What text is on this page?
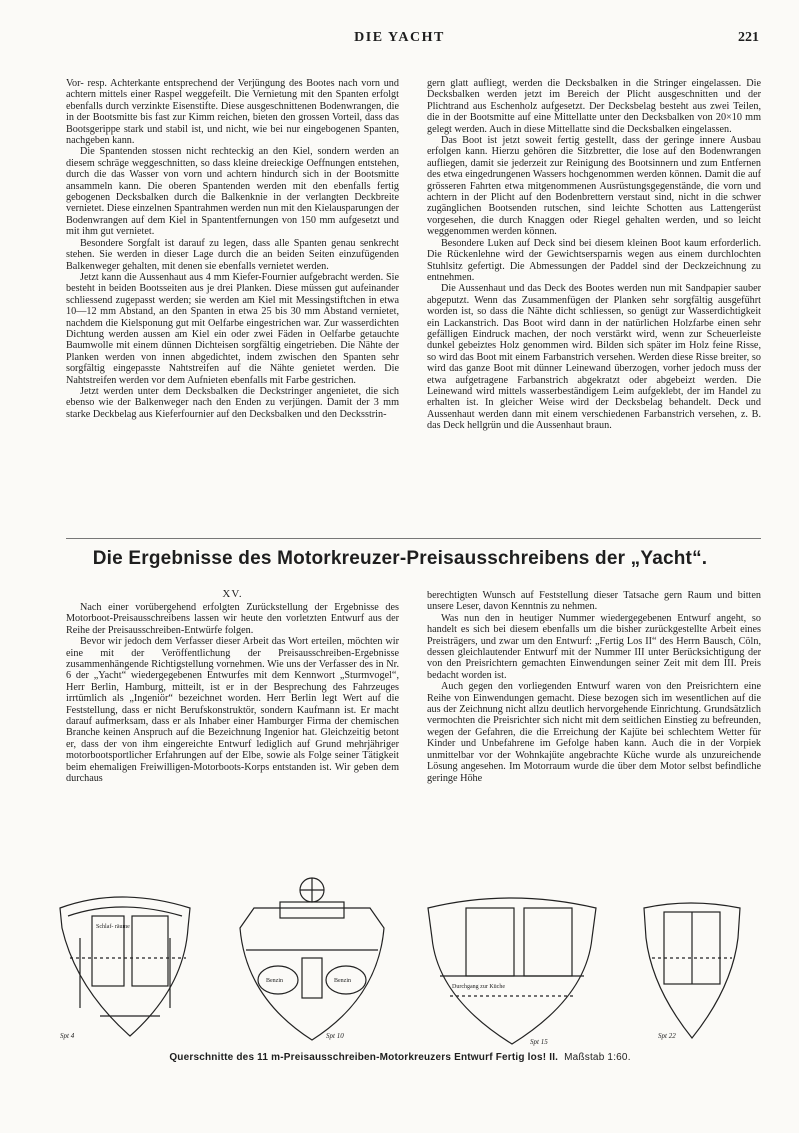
DIE YACHT	221

Vor- resp. Achterkante entsprechend der Verjüngung des Bootes nach vorn und achtern mittels einer Raspel weggefeilt. Die Vernietung mit den Spanten erfolgt ebenfalls durch verzinkte Eisenstifte. Diese ausgeschnittenen Bodenwrangen, die in der Bootsmitte bis fast zur Kimm reichen, bieten den grossen Vorteil, dass das Bootsgerippe stark und stabil ist, und nicht, wie bei nur eingebogenen Spanten, nachgeben kann.

Die Spantenden stossen nicht rechteckig an den Kiel, sondern werden an diesem schräge weggeschnitten, so dass kleine dreieckige Oeffnungen entstehen, durch die das Wasser von vorn und achtern hindurch sich in der Bootsmitte ansammeln kann. Die oberen Spantenden werden mit den ebenfalls fertig gebogenen Decksbalken durch die Balkenknie in der verlangten Deckbreite vernietet. Diese einzelnen Spantrahmen werden nun mit den Kielausparungen der Bodenwrangen auf dem Kiel in Spantentfernungen von 150 mm aufgesetzt und mit ihm gut vernietet.

Besondere Sorgfalt ist darauf zu legen, dass alle Spanten genau senkrecht stehen. Sie werden in dieser Lage durch die an beiden Seiten einzufügenden Balkenweger gehalten, mit denen sie ebenfalls vernietet werden.

Jetzt kann die Aussenhaut aus 4 mm Kiefer-Fournier aufgebracht werden. Sie besteht in beiden Bootsseiten aus je drei Planken. Diese müssen gut aufeinander schliessend zugepasst werden; sie werden am Kiel mit Messingstiftchen in etwa 10—12 mm Abstand, an den Spanten in etwa 25 bis 30 mm Abstand vernietet, nachdem die Kielsponung gut mit Oelfarbe eingestrichen war. Zur wasserdichten Dichtung werden aussen am Kiel ein oder zwei Fäden in Oelfarbe getauchte Baumwolle mit einem dünnen Dichteisen sorgfältig eingetrieben. Die Nähte der Planken werden von innen abgedichtet, indem zwischen den Spanten sehr sorgfältig eingepasste Nahtstreifen auf die Nähte genietet werden. Die Nahtstreifen werden vor dem Aufnieten ebenfalls mit Farbe gestrichen.

Jetzt werden unter dem Decksbalken die Deckstringer angenietet, die sich ebenso wie der Balkenweger nach den Enden zu verjüngen. Damit der 3 mm starke Deckbelag aus Kieferfournier auf den Decksbalken und den Decksstrin-

gern glatt aufliegt, werden die Decksbalken in die Stringer eingelassen. Die Decksbalken werden jetzt im Bereich der Plicht ausgeschnitten und der Plichtrand aus Eschenholz aufgesetzt. Der Decksbelag besteht aus zwei Teilen, die in der Bootsmitte auf eine Mittellatte unter den Decksbalken von 20×10 mm gelegt werden. Auch in diese Mittellatte sind die Decksbalken eingelassen.

Das Boot ist jetzt soweit fertig gestellt, dass der geringe innere Ausbau erfolgen kann. Hierzu gehören die Sitzbretter, die lose auf den Bodenwrangen aufliegen, damit sie jederzeit zur Reinigung des Bootsinnern und zum Entfernen des etwa eingedrungenen Wassers hochgenommen werden können. Damit die auf grösseren Fahrten etwa mitgenommenen Ausrüstungsgegenstände, die vorn und achtern in der Plicht auf den Bodenbrettern verstaut sind, nicht in die schwer zugänglichen Bootsenden rutschen, sind leichte Schotten aus Lattengerüst vorgesehen, die durch Knaggen oder Riegel gehalten werden, und so leicht weggenommen werden können.

Besondere Luken auf Deck sind bei diesem kleinen Boot kaum erforderlich. Die Rückenlehne wird der Gewichtsersparnis wegen aus einem durchlochten Stuhlsitz gefertigt. Die Abmessungen der Paddel sind der Deckzeichnung zu entnehmen.

Die Aussenhaut und das Deck des Bootes werden nun mit Sandpapier sauber abgeputzt. Wenn das Zusammenfügen der Planken sehr sorgfältig ausgeführt worden ist, so dass die Nähte dicht schliessen, so genügt zur Wasserdichtigkeit ein Lackanstrich. Das Boot wird dann in der natürlichen Holzfarbe einen sehr gefälligen Eindruck machen, der noch verstärkt wird, wenn zur Scheuerleiste dunkel gebeiztes Holz genommen wird. Bilden sich später im Holz feine Risse, so wird das Boot mit einem Farbanstrich versehen. Werden diese Risse breiter, so wird das ganze Boot mit dünner Leinewand überzogen, vorher jedoch muss der etwa aufgetragene Farbanstrich abgekratzt oder abgebeizt werden. Die Leinewand wird mittels wasserbeständigem Leim aufgeklebt, der im Handel zu erhalten ist. In gleicher Weise wird der Decksbelag behandelt. Deck und Aussenhaut werden dann mit einem verschiedenen Farbanstrich versehen, z. B. das Deck hellgrün und die Aussenhaut braun.

Die Ergebnisse des Motorkreuzer-Preisausschreibens der „Yacht“.
XV.

Nach einer vorübergehend erfolgten Zurückstellung der Ergebnisse des Motorboot-Preisausschreibens lassen wir heute den vorletzten Entwurf aus der Reihe der Preisausschreiben-Entwürfe folgen.

Bevor wir jedoch dem Verfasser dieser Arbeit das Wort erteilen, möchten wir eine mit der Veröffentlichung der Preisausschreiben-Ergebnisse zusammenhängende Richtigstellung vornehmen. Wie uns der Verfasser des in Nr. 6 der „Yacht“ wiedergegebenen Entwurfes mit dem Kennwort „Sturmvogel“, Herr Berlin, Hamburg, mitteilt, ist er in der Besprechung des Fahrzeuges irrtümlich als „Ingeniör“ bezeichnet worden. Herr Berlin legt Wert auf die Feststellung, dass er nicht Berufskonstruktör, sondern Kaufmann ist. Er macht darauf aufmerksam, dass er als Inhaber einer Hamburger Firma der chemischen Branche keinen Anspruch auf die Bezeichnung Ingenior hat. Gleichzeitig betont er, dass der von ihm eingereichte Entwurf lediglich auf Grund mehrjähriger motorbootsportlicher Erfahrungen auf der Elbe, sowie als Folge seiner Tätigkeit beim ehemaligen Freiwilligen-Motorboots-Korps entstanden ist. Wir geben dem durchaus

berechtigten Wunsch auf Feststellung dieser Tatsache gern Raum und bitten unsere Leser, davon Kenntnis zu nehmen.

Was nun den in heutiger Nummer wiedergegebenen Entwurf angeht, so handelt es sich bei diesem ebenfalls um die bisher zurückgestellte Arbeit eines Preisträgers, und zwar um den Entwurf: „Fertig Los II“ des Herrn Bausch, Cöln, dessen gleichlautender Entwurf mit der Nummer III unter Berücksichtigung der von den Preisrichtern gemachten Einwendungen seiner Zeit mit dem III. Preis bedacht worden ist.

Auch gegen den vorliegenden Entwurf waren von den Preisrichtern eine Reihe von Einwendungen gemacht. Diese bezogen sich im wesentlichen auf die aus der Zeichnung nicht allzu deutlich hervorgehende Einrichtung. Grundsätzlich vermochten die Preisrichter sich nicht mit dem seitlichen Einstieg zu befreunden, wegen der Gefahren, die die Erreichung der Kajüte bei schlechtem Wetter für Kinder und Unbefahrene im Gefolge haben kann. Auch die in der Vorpiek unmittelbar vor der Wohnkajüte angebrachte Küche wurde als unzureichende Lösung angesehen. Im Motorraum wurde die über dem Motor selbst befindliche geringe Höhe

Schlaf- räume
Spt 4
Benzin	Benzin
Spt 10
Durchgang zur Küche
Spt 15
Spt 22
Querschnitte des 11 m-Preisausschreiben-Motorkreuzers Entwurf Fertig los! II. Maßstab 1:60.
